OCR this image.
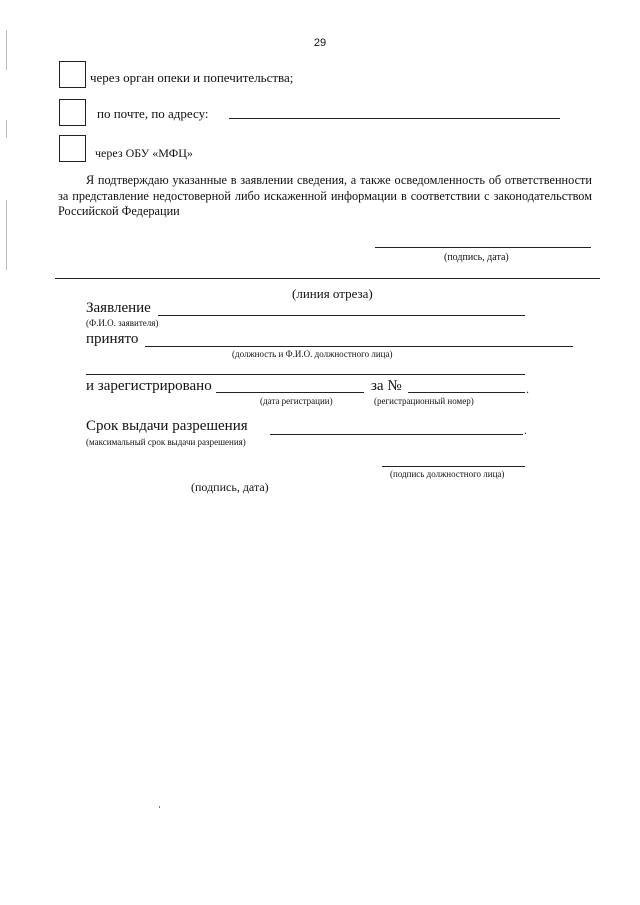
29
через орган опеки и попечительства;
по почте, по адресу:
через ОБУ «МФЦ»
Я подтверждаю указанные в заявлении сведения, а также осведомленность об ответственности за представление недостоверной либо искаженной информации в соответствии с законодательством Российской Федерации
(подпись, дата)
(линия отреза)
Заявление
(Ф.И.О. заявителя)
принято
(должность и Ф.И.О. должностного лица)
и зарегистрировано	за №	.
(дата регистрации)	(регистрационный номер)
Срок выдачи разрешения	.
(максимальный срок выдачи разрешения)
(подпись должностного лица)
(подпись, дата)
